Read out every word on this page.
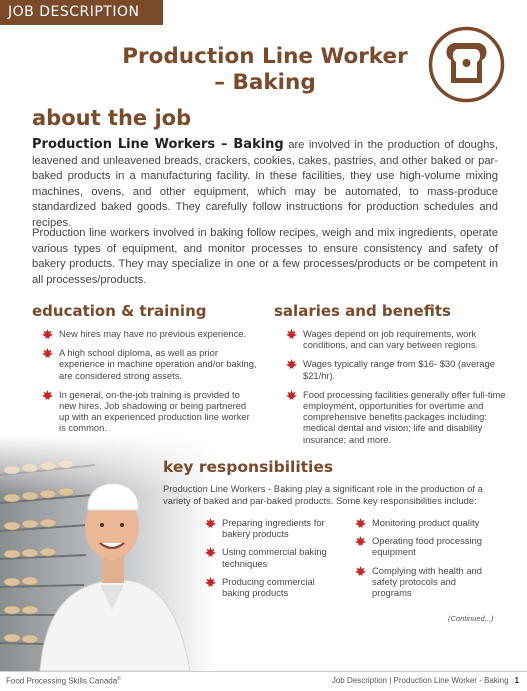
JOB DESCRIPTION
Production Line Worker
– Baking
about the job

Production Line Workers – Baking are involved in the production of doughs, leavened and unleavened breads, crackers, cookies, cakes, pastries, and other baked or par-baked products in a manufacturing facility. In these facilities, they use high-volume mixing machines, ovens, and other equipment, which may be automated, to mass-produce standardized baked goods. They carefully follow instructions for production schedules and recipes.

Production line workers involved in baking follow recipes, weigh and mix ingredients, operate various types of equipment, and monitor processes to ensure consistency and safety of bakery products. They may specialize in one or a few processes/products or be competent in all processes/products.

education & training
New hires may have no previous experience.
A high school diploma, as well as prior experience in machine operation and/or baking, are considered strong assets.
In general, on-the-job training is provided to new hires. Job shadowing or being partnered up with an experienced production line worker is common.
salaries and benefits
Wages depend on job requirements, work conditions, and can vary between regions.
Wages typically range from $16- $30 (average $21/hr).
Food processing facilities generally offer full-time employment, opportunities for overtime and comprehensive benefits packages including: medical dental and vision; life and disability insurance; and more.
key responsibilities

Production Line Workers - Baking play a significant role in the production of a variety of baked and par-baked products. Some key responsibilities include:

Preparing ingredients for bakery products
Using commercial baking techniques
Producing commercial baking products
Monitoring product quality
Operating food processing equipment
Complying with health and safety protocols and programs
(Continued...)
Food Processing Skills Canada©	Job Description | Production Line Worker - Baking 1
